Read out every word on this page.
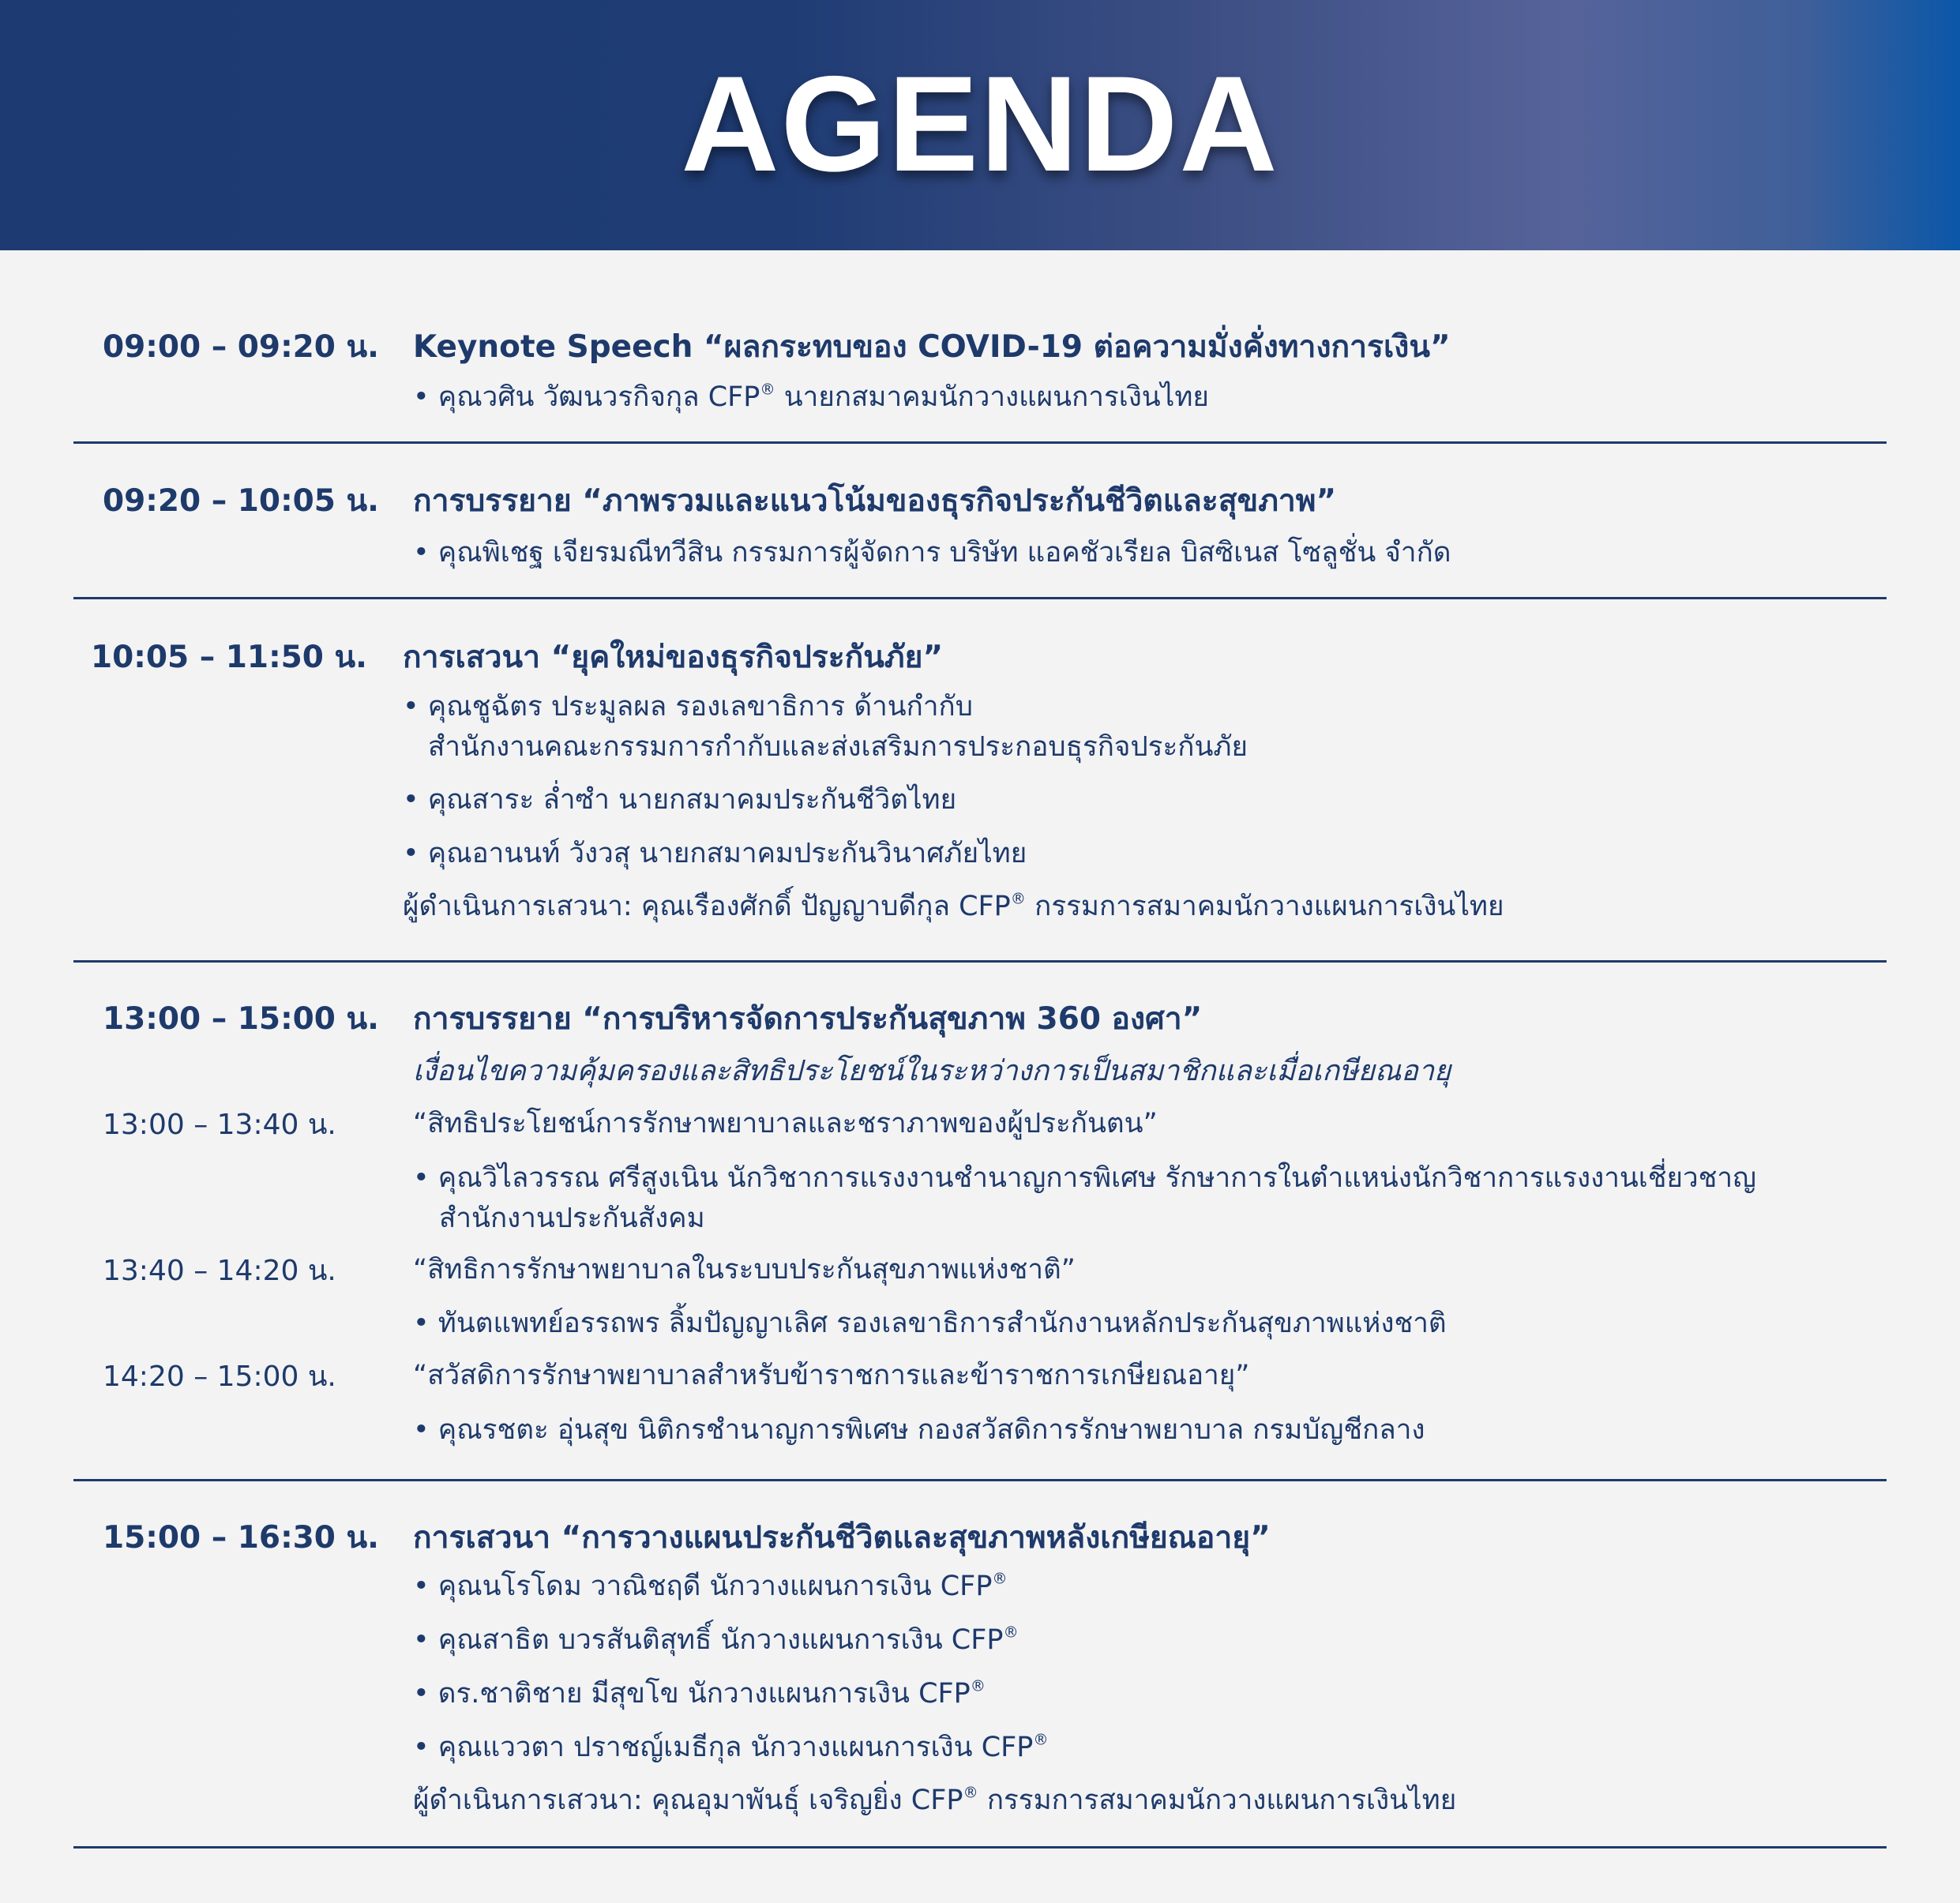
AGENDA
09:00 – 09:20 น. Keynote Speech “ผลกระทบของ COVID-19 ต่อความมั่งคั่งทางการเงิน”
• คุณวศิน วัฒนวรกิจกุล CFP® นายกสมาคมนักวางแผนการเงินไทย
09:20 – 10:05 น. การบรรยาย “ภาพรวมและแนวโน้มของธุรกิจประกันชีวิตและสุขภาพ”
• คุณพิเชฐ เจียรมณีทวีสิน กรรมการผู้จัดการ บริษัท แอคชัวเรียล บิสซิเนส โซลูชั่น จำกัด
10:05 – 11:50 น. การเสวนา “ยุคใหม่ของธุรกิจประกันภัย”
• คุณชูฉัตร ประมูลผล รองเลขาธิการ ด้านกำกับ
สำนักงานคณะกรรมการกำกับและส่งเสริมการประกอบธุรกิจประกันภัย
• คุณสาระ ล่ำซำ นายกสมาคมประกันชีวิตไทย
• คุณอานนท์ วังวสุ นายกสมาคมประกันวินาศภัยไทย
ผู้ดำเนินการเสวนา: คุณเรืองศักดิ์ ปัญญาบดีกุล CFP® กรรมการสมาคมนักวางแผนการเงินไทย
13:00 – 15:00 น. การบรรยาย “การบริหารจัดการประกันสุขภาพ 360 องศา”
เงื่อนไขความคุ้มครองและสิทธิประโยชน์ในระหว่างการเป็นสมาชิกและเมื่อเกษียณอายุ
13:00 – 13:40 น.	“สิทธิประโยชน์การรักษาพยาบาลและชราภาพของผู้ประกันตน”
• คุณวิไลวรรณ ศรีสูงเนิน นักวิชาการแรงงานชำนาญการพิเศษ รักษาการในตำแหน่งนักวิชาการแรงงานเชี่ยวชาญ
สำนักงานประกันสังคม
13:40 – 14:20 น.	“สิทธิการรักษาพยาบาลในระบบประกันสุขภาพแห่งชาติ”
• ทันตแพทย์อรรถพร ลิ้มปัญญาเลิศ รองเลขาธิการสำนักงานหลักประกันสุขภาพแห่งชาติ
14:20 – 15:00 น.	“สวัสดิการรักษาพยาบาลสำหรับข้าราชการและข้าราชการเกษียณอายุ”
• คุณรชตะ อุ่นสุข นิติกรชำนาญการพิเศษ กองสวัสดิการรักษาพยาบาล กรมบัญชีกลาง
15:00 – 16:30 น. การเสวนา “การวางแผนประกันชีวิตและสุขภาพหลังเกษียณอายุ”
• คุณนโรโดม วาณิชฤดี นักวางแผนการเงิน CFP®
• คุณสาธิต บวรสันติสุทธิ์ นักวางแผนการเงิน CFP®
• ดร.ชาติชาย มีสุขโข นักวางแผนการเงิน CFP®
• คุณแววตา ปราชญ์เมธีกุล นักวางแผนการเงิน CFP®
ผู้ดำเนินการเสวนา: คุณอุมาพันธุ์ เจริญยิ่ง CFP® กรรมการสมาคมนักวางแผนการเงินไทย
